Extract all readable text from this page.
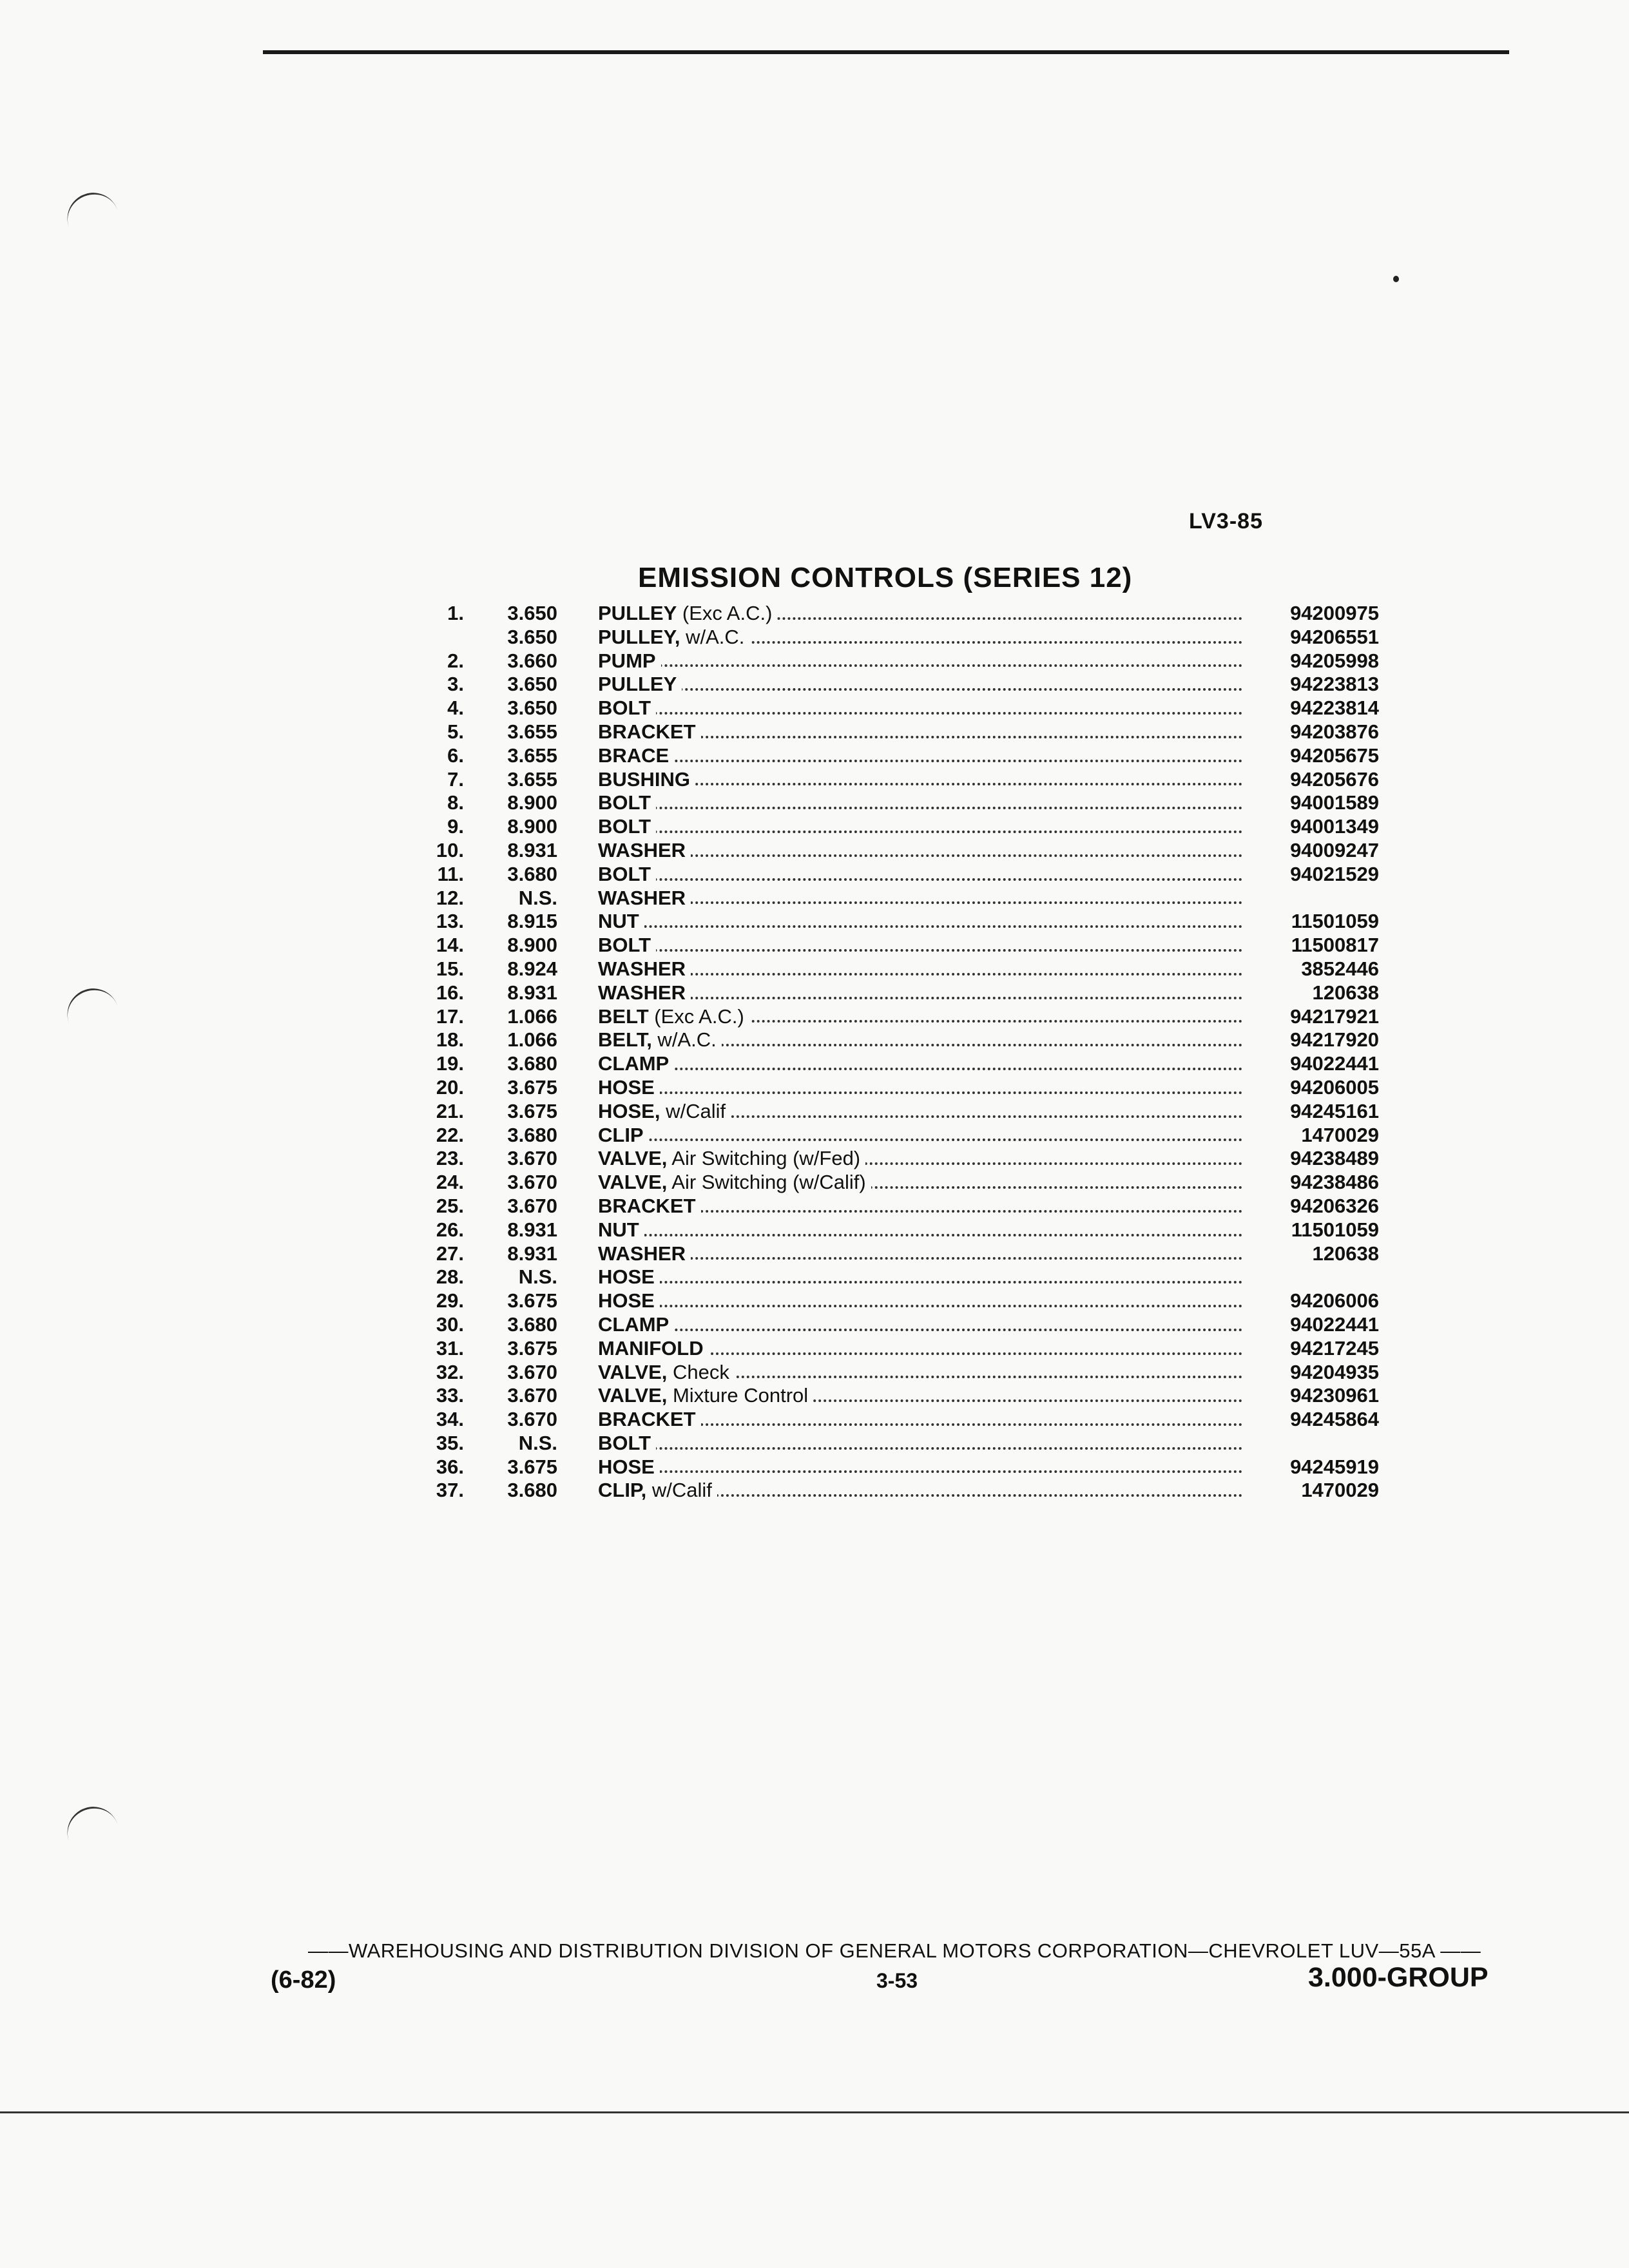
LV3-85
EMISSION CONTROLS (SERIES 12)
1.	3.650 PULLEY (Exc A.C.)	94200975
3.650 PULLEY, w/A.C.	94206551
2.	3.660 PUMP	94205998
3.	3.650 PULLEY	94223813
4.	3.650 BOLT	94223814
5.	3.655 BRACKET	94203876
6.	3.655 BRACE	94205675
7.	3.655 BUSHING	94205676
8.	8.900 BOLT	94001589
9.	8.900 BOLT	94001349
10.	8.931 WASHER	94009247
11.	3.680 BOLT	94021529
12.	N.S. WASHER
13.	8.915 NUT	11501059
14.	8.900 BOLT	11500817
15.	8.924 WASHER	3852446
16.	8.931 WASHER	120638
17.	1.066 BELT (Exc A.C.)	94217921
18.	1.066 BELT, w/A.C.	94217920
19.	3.680 CLAMP	94022441
20.	3.675 HOSE	94206005
21.	3.675 HOSE, w/Calif	94245161
22.	3.680 CLIP	1470029
23.	3.670 VALVE, Air Switching (w/Fed)	94238489
24.	3.670 VALVE, Air Switching (w/Calif)	94238486
25.	3.670 BRACKET	94206326
26.	8.931 NUT	11501059
27.	8.931 WASHER	120638
28.	N.S. HOSE
29.	3.675 HOSE	94206006
30.	3.680 CLAMP	94022441
31.	3.675 MANIFOLD	94217245
32.	3.670 VALVE, Check	94204935
33.	3.670 VALVE, Mixture Control	94230961
34.	3.670 BRACKET	94245864
35.	N.S. BOLT
36.	3.675 HOSE	94245919
37.	3.680 CLIP, w/Calif	1470029
——WAREHOUSING AND DISTRIBUTION DIVISION OF GENERAL MOTORS CORPORATION—CHEVROLET LUV—55A ——
(6-82)	3-53	3.000-GROUP
